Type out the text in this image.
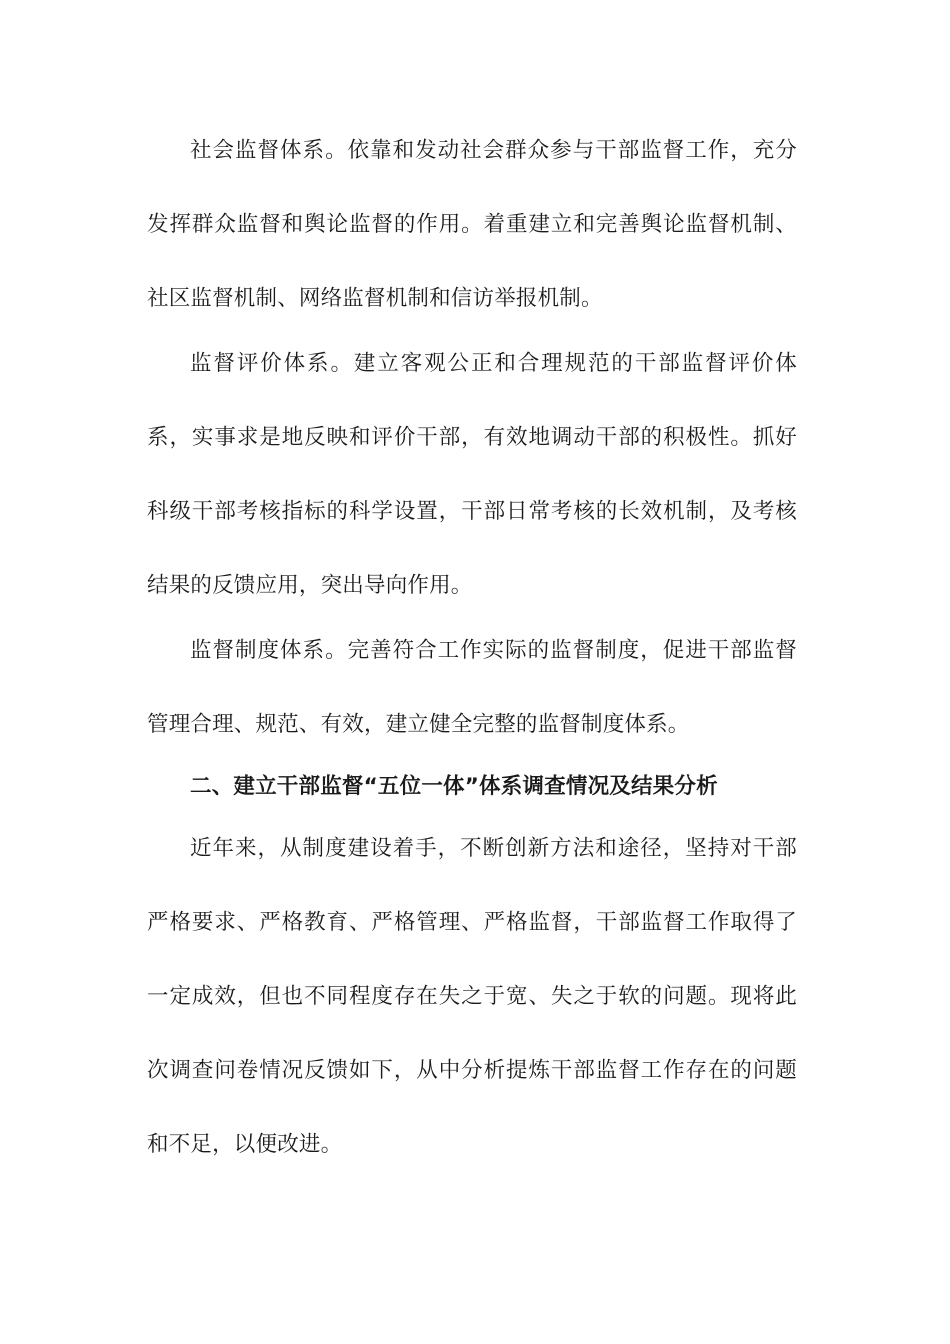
社会监督体系。依靠和发动社会群众参与干部监督工作，充分
发挥群众监督和舆论监督的作用。着重建立和完善舆论监督机制、
社区监督机制、网络监督机制和信访举报机制。
监督评价体系。建立客观公正和合理规范的干部监督评价体
系，实事求是地反映和评价干部，有效地调动干部的积极性。抓好
科级干部考核指标的科学设置，干部日常考核的长效机制，及考核
结果的反馈应用，突出导向作用。
监督制度体系。完善符合工作实际的监督制度，促进干部监督
管理合理、规范、有效，建立健全完整的监督制度体系。
二、建立干部监督“五位一体”体系调查情况及结果分析
近年来，从制度建设着手，不断创新方法和途径，坚持对干部
严格要求、严格教育、严格管理、严格监督，干部监督工作取得了
一定成效，但也不同程度存在失之于宽、失之于软的问题。现将此
次调查问卷情况反馈如下，从中分析提炼干部监督工作存在的问题
和不足，以便改进。
